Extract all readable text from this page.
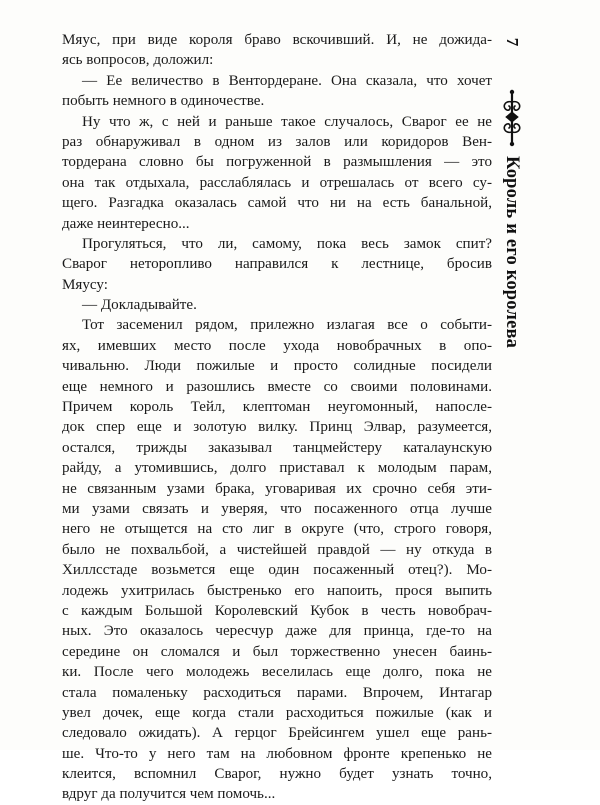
Мяус, при виде короля браво вскочивший. И, не дожида-
ясь вопросов, доложил:
— Ее величество в Вентордеране. Она сказала, что хочет
побыть немного в одиночестве.
Ну что ж, с ней и раньше такое случалось, Сварог ее не
раз обнаруживал в одном из залов или коридоров Вен-
тордерана словно бы погруженной в размышления — это
она так отдыхала, расслаблялась и отрешалась от всего су-
щего. Разгадка оказалась самой что ни на есть банальной,
даже неинтересно...
Прогуляться, что ли, самому, пока весь замок спит?
Сварог неторопливо направился к лестнице, бросив
Мяусу:
— Докладывайте.
Тот засеменил рядом, прилежно излагая все о событи-
ях, имевших место после ухода новобрачных в опо-
чивальню. Люди пожилые и просто солидные посидели
еще немного и разошлись вместе со своими половинами.
Причем король Тейл, клептоман неугомонный, напосле-
док спер еще и золотую вилку. Принц Элвар, разумеется,
остался, трижды заказывал танцмейстеру каталаунскую
райду, а утомившись, долго приставал к молодым парам,
не связанным узами брака, уговаривая их срочно себя эти-
ми узами связать и уверяя, что посаженного отца лучше
него не отыщется на сто лиг в округе (что, строго говоря,
было не похвальбой, а чистейшей правдой — ну откуда в
Хиллсстаде возьмется еще один посаженный отец?). Мо-
лодежь ухитрилась быстренько его напоить, прося выпить
с каждым Большой Королевский Кубок в честь новобрач-
ных. Это оказалось чересчур даже для принца, где-то на
середине он сломался и был торжественно унесен баинь-
ки. После чего молодежь веселилась еще долго, пока не
стала помаленьку расходиться парами. Впрочем, Интагар
увел дочек, еще когда стали расходиться пожилые (как и
следовало ожидать). А герцог Брейсингем ушел еще рань-
ше. Что-то у него там на любовном фронте крепенько не
клеится, вспомнил Сварог, нужно будет узнать точно,
вдруг да получится чем помочь...
7
Король и его королева
